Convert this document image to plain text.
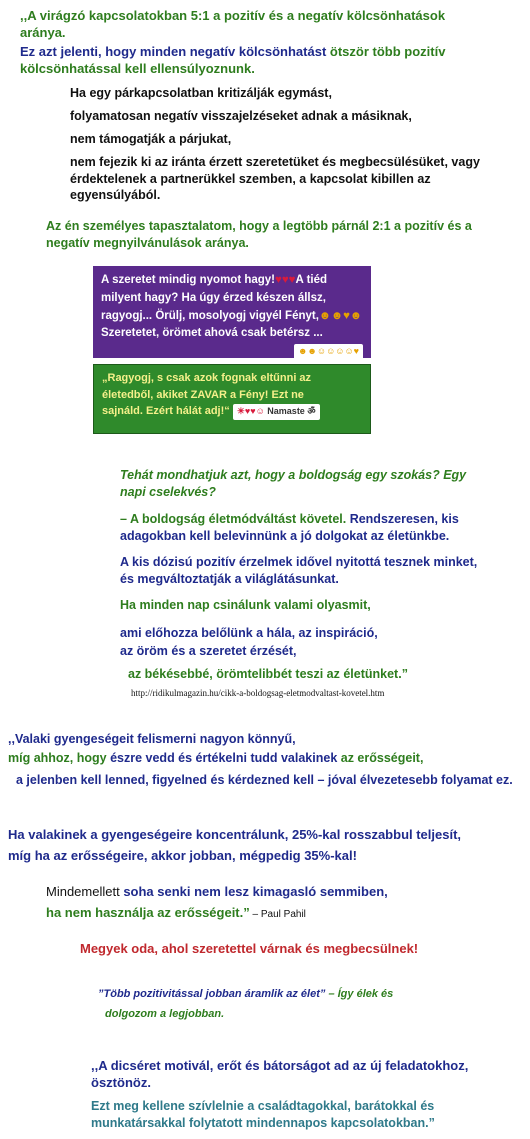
,,A virágzó kapcsolatokban 5:1 a pozitív és a negatív kölcsönhatások aránya.
Ez azt jelenti, hogy minden negatív kölcsönhatást ötször több pozitív kölcsönhatással kell ellensúlyoznunk.
Ha egy párkapcsolatban kritizálják egymást,
folyamatosan negatív visszajelzéseket adnak a másiknak,
nem támogatják a párjukat,
nem fejezik ki az iránta érzett szeretetüket és megbecsülésüket, vagy érdektelenek a partnerükkel szemben, a kapcsolat kibillen az egyensúlyából.
Az én személyes tapasztalatom, hogy a legtöbb párnál 2:1 a pozitív és a negatív megnyilvánulások aránya.
A szeretet mindig nyomot hagy!♥♥♥A tiéd
milyent hagy? Ha úgy érzed készen állsz,
ragyogj... Örülj, mosolyogj vigyél Fényt,☻☻♥☻
Szeretetet, örömet ahová csak betérsz ...
☻☻☺☺☺☺♥
„Ragyogj, s csak azok fognak eltűnni az
életedből, akiket ZAVAR a Fény! Ezt ne
sajnáld. Ezért hálát adj!“ ☀♥♥☺ Namaste ॐ
Tehát mondhatjuk azt, hogy a boldogság egy szokás? Egy napi cselekvés?
– A boldogság életmódváltást követel. Rendszeresen, kis adagokban kell belevinnünk a jó dolgokat az életünkbe.
A kis dózisú pozitív érzelmek idővel nyitottá tesznek minket, és megváltoztatják a világlátásunkat.
Ha minden nap csinálunk valami olyasmit,
ami előhozza belőlünk a hála, az inspiráció,
az öröm és a szeretet érzését,
az békésebbé, örömtelibbét teszi az életünket.”
http://ridikulmagazin.hu/cikk-a-boldogsag-eletmodvaltast-kovetel.htm
,,Valaki gyengeségeit felismerni nagyon könnyű,
míg ahhoz, hogy észre vedd és értékelni tudd valakinek az erősségeit,
a jelenben kell lenned, figyelned és kérdezned kell – jóval élvezetesebb folyamat ez.
Ha valakinek a gyengeségeire koncentrálunk, 25%-kal rosszabbul teljesít,
míg ha az erősségeire, akkor jobban, mégpedig 35%-kal!
Mindemellett soha senki nem lesz kimagasló semmiben,
ha nem használja az erősségeit.” – Paul Pahil
Megyek oda, ahol szeretettel várnak és megbecsülnek!
”Több pozitivitással jobban áramlik az élet” – Így élek és
dolgozom a legjobban.
,,A dicséret motivál, erőt és bátorságot ad az új feladatokhoz, ösztönöz.
Ezt meg kellene szívlelnie a családtagokkal, barátokkal és munkatársakkal folytatott mindennapos kapcsolatokban.”
